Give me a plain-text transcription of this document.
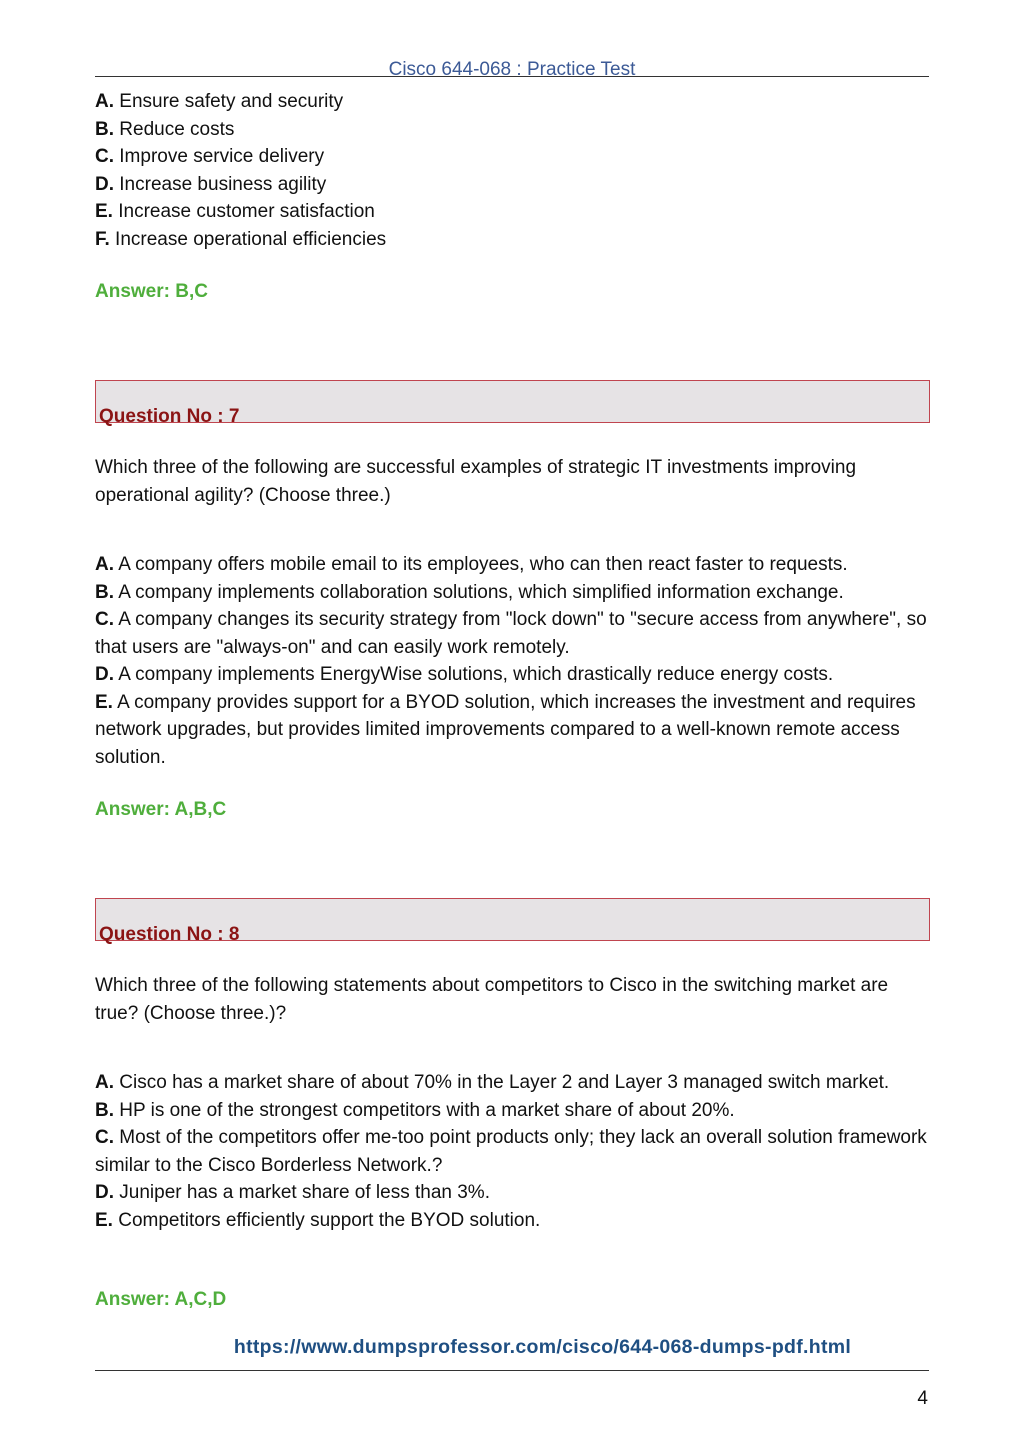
Cisco 644-068 : Practice Test

A. Ensure safety and security

B. Reduce costs

C. Improve service delivery

D. Increase business agility

E. Increase customer satisfaction

F. Increase operational efficiencies

Answer: B,C
Question No : 7

Which three of the following are successful examples of strategic IT investments improving operational agility? (Choose three.)

A. A company offers mobile email to its employees, who can then react faster to requests.

B. A company implements collaboration solutions, which simplified information exchange.

C. A company changes its security strategy from "lock down" to "secure access from anywhere", so that users are "always-on" and can easily work remotely.

D. A company implements EnergyWise solutions, which drastically reduce energy costs.

E. A company provides support for a BYOD solution, which increases the investment and requires network upgrades, but provides limited improvements compared to a well-known remote access solution.

Answer: A,B,C
Question No : 8

Which three of the following statements about competitors to Cisco in the switching market are true? (Choose three.)?

A. Cisco has a market share of about 70% in the Layer 2 and Layer 3 managed switch market.

B. HP is one of the strongest competitors with a market share of about 20%.

C. Most of the competitors offer me-too point products only; they lack an overall solution framework similar to the Cisco Borderless Network.?

D. Juniper has a market share of less than 3%.

E. Competitors efficiently support the BYOD solution.

Answer: A,C,D
https://www.dumpsprofessor.com/cisco/644-068-dumps-pdf.html
4
